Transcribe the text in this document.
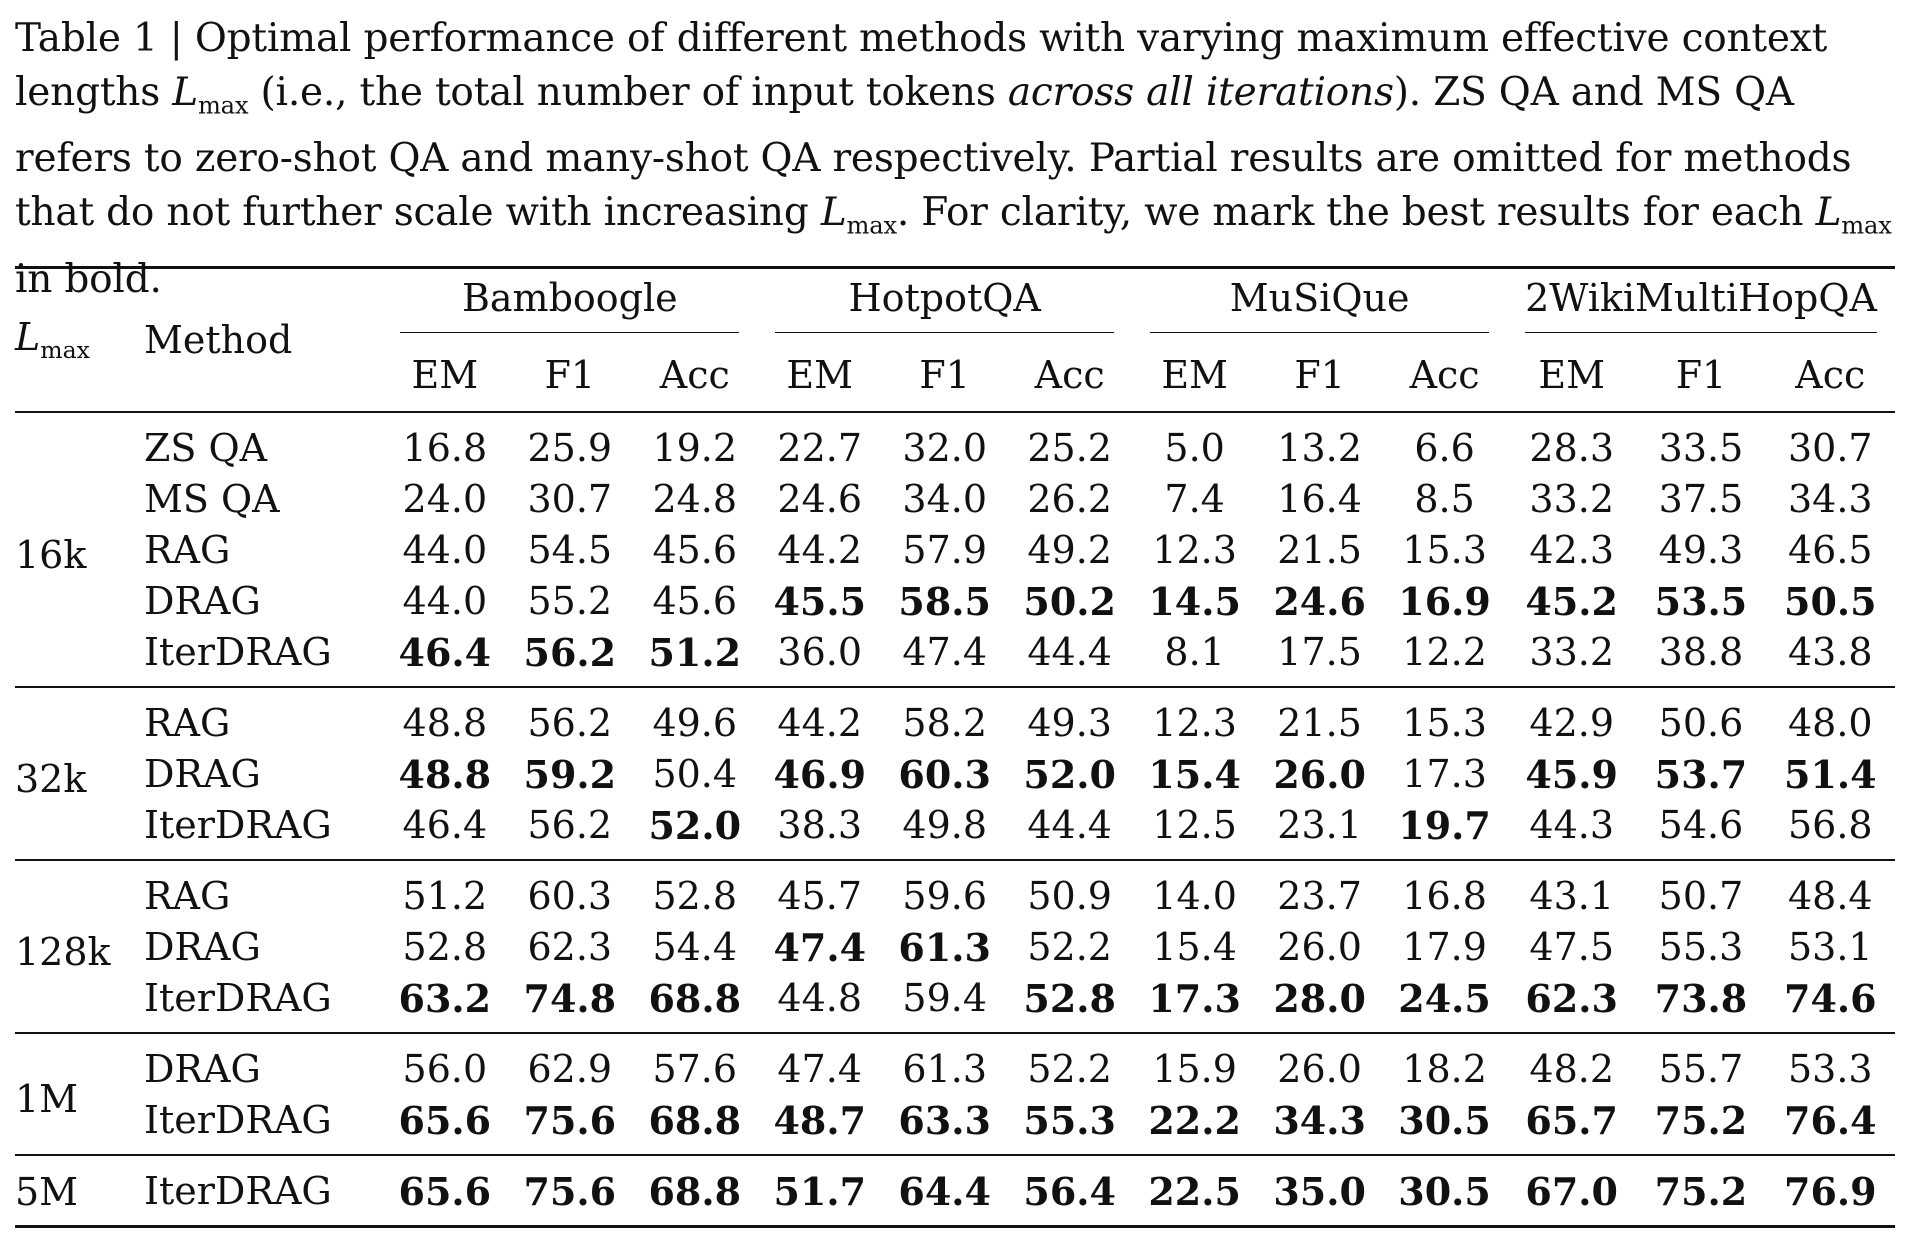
Table 1 | Optimal performance of different methods with varying maximum effective context lengths $L_{max}$ (i.e., the total number of input tokens across all iterations). ZS QA and MS QA refers to zero-shot QA and many-shot QA respectively. Partial results are omitted for methods that do not further scale with increasing $L_{max}$. For clarity, we mark the best results for each $L_{max}$ in bold.
$L_{max}$	Method	Bamboogle			HotpotQA			MuSiQue			2WikiMultiHopQA		

		EM	F1	Acc	EM	F1	Acc	EM	F1	Acc	EM	F1	Acc
16k	ZS QA	16.8	25.9	19.2	22.7	32.0	25.2	5.0	13.2	6.6	28.3	33.5	30.7
	MS QA	24.0	30.7	24.8	24.6	34.0	26.2	7.4	16.4	8.5	33.2	37.5	34.3
	RAG	44.0	54.5	45.6	44.2	57.9	49.2	12.3	21.5	15.3	42.3	49.3	46.5
	DRAG	44.0	55.2	45.6	45.5	58.5	50.2	14.5	24.6	16.9	45.2	53.5	50.5
	IterDRAG	46.4	56.2	51.2	36.0	47.4	44.4	8.1	17.5	12.2	33.2	38.8	43.8
32k	RAG	48.8	56.2	49.6	44.2	58.2	49.3	12.3	21.5	15.3	42.9	50.6	48.0
	DRAG	48.8	59.2	50.4	46.9	60.3	52.0	15.4	26.0	17.3	45.9	53.7	51.4
	IterDRAG	46.4	56.2	52.0	38.3	49.8	44.4	12.5	23.1	19.7	44.3	54.6	56.8
128k	RAG	51.2	60.3	52.8	45.7	59.6	50.9	14.0	23.7	16.8	43.1	50.7	48.4
	DRAG	52.8	62.3	54.4	47.4	61.3	52.2	15.4	26.0	17.9	47.5	55.3	53.1
	IterDRAG	63.2	74.8	68.8	44.8	59.4	52.8	17.3	28.0	24.5	62.3	73.8	74.6
1M	DRAG	56.0	62.9	57.6	47.4	61.3	52.2	15.9	26.0	18.2	48.2	55.7	53.3
	IterDRAG	65.6	75.6	68.8	48.7	63.3	55.3	22.2	34.3	30.5	65.7	75.2	76.4
5M	IterDRAG	65.6	75.6	68.8	51.7	64.4	56.4	22.5	35.0	30.5	67.0	75.2	76.9
